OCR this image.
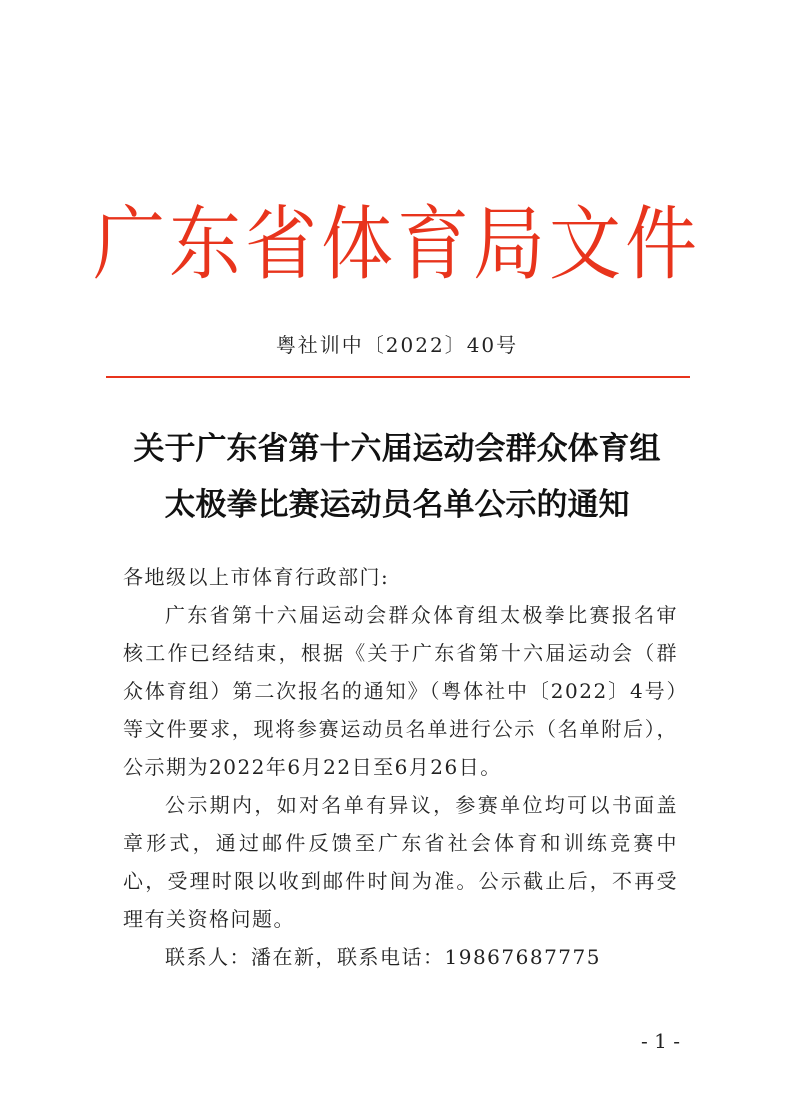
广东省体育局文件
粤社训中〔2022〕40号
关于广东省第十六届运动会群众体育组
太极拳比赛运动员名单公示的通知

各地级以上市体育行政部门:

广东省第十六届运动会群众体育组太极拳比赛报名审核工作已经结束，根据《关于广东省第十六届运动会（群众体育组）第二次报名的通知》（粤体社中〔2022〕4号）等文件要求，现将参赛运动员名单进行公示（名单附后），公示期为2022年6月22日至6月26日。

公示期内，如对名单有异议，参赛单位均可以书面盖章形式，通过邮件反馈至广东省社会体育和训练竞赛中心，受理时限以收到邮件时间为准。公示截止后，不再受理有关资格问题。

联系人：潘在新，联系电话：19867687775

- 1 -
